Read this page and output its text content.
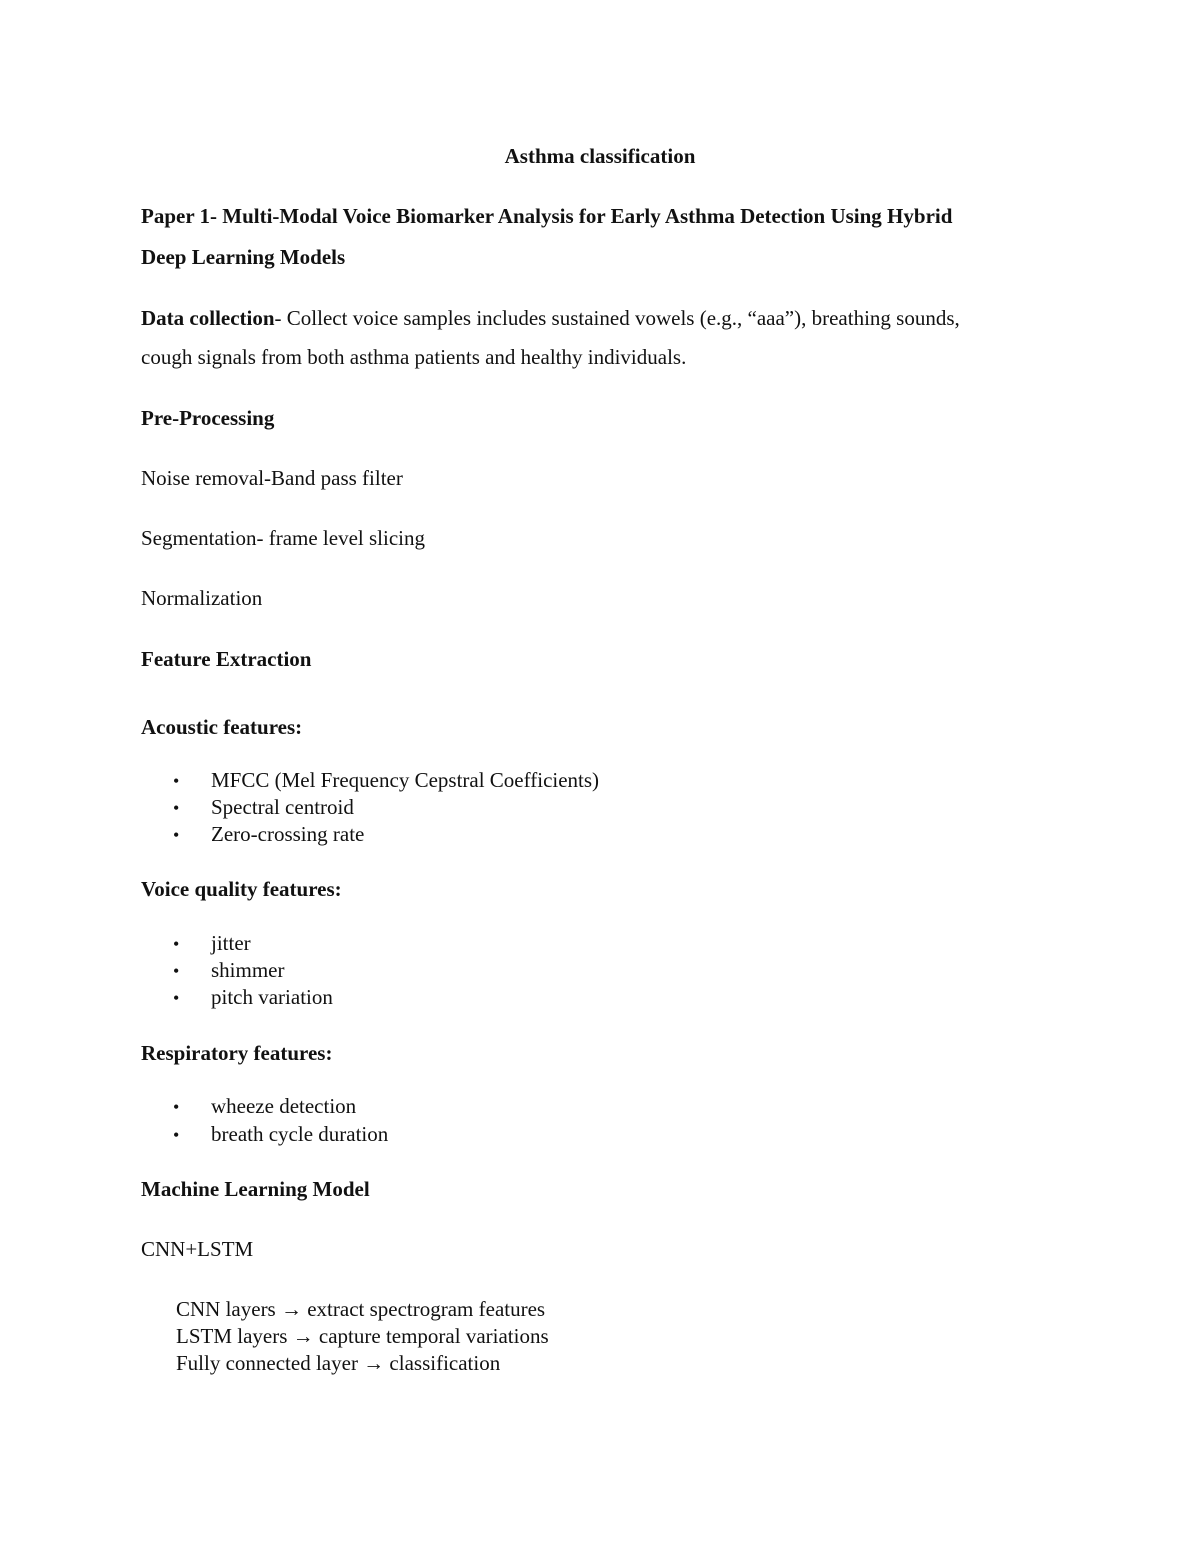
Asthma classification
Paper 1- Multi-Modal Voice Biomarker Analysis for Early Asthma Detection Using Hybrid
Deep Learning Models
Data collection- Collect voice samples includes sustained vowels (e.g., “aaa”), breathing sounds,
cough signals from both asthma patients and healthy individuals.
Pre-Processing
Noise removal-Band pass filter
Segmentation- frame level slicing
Normalization
Feature Extraction
Acoustic features:
• MFCC (Mel Frequency Cepstral Coefficients)
• Spectral centroid
• Zero-crossing rate
Voice quality features:
• jitter
• shimmer
• pitch variation
Respiratory features:
• wheeze detection
• breath cycle duration
Machine Learning Model
CNN+LSTM
CNN layers → extract spectrogram features
LSTM layers → capture temporal variations
Fully connected layer → classification
